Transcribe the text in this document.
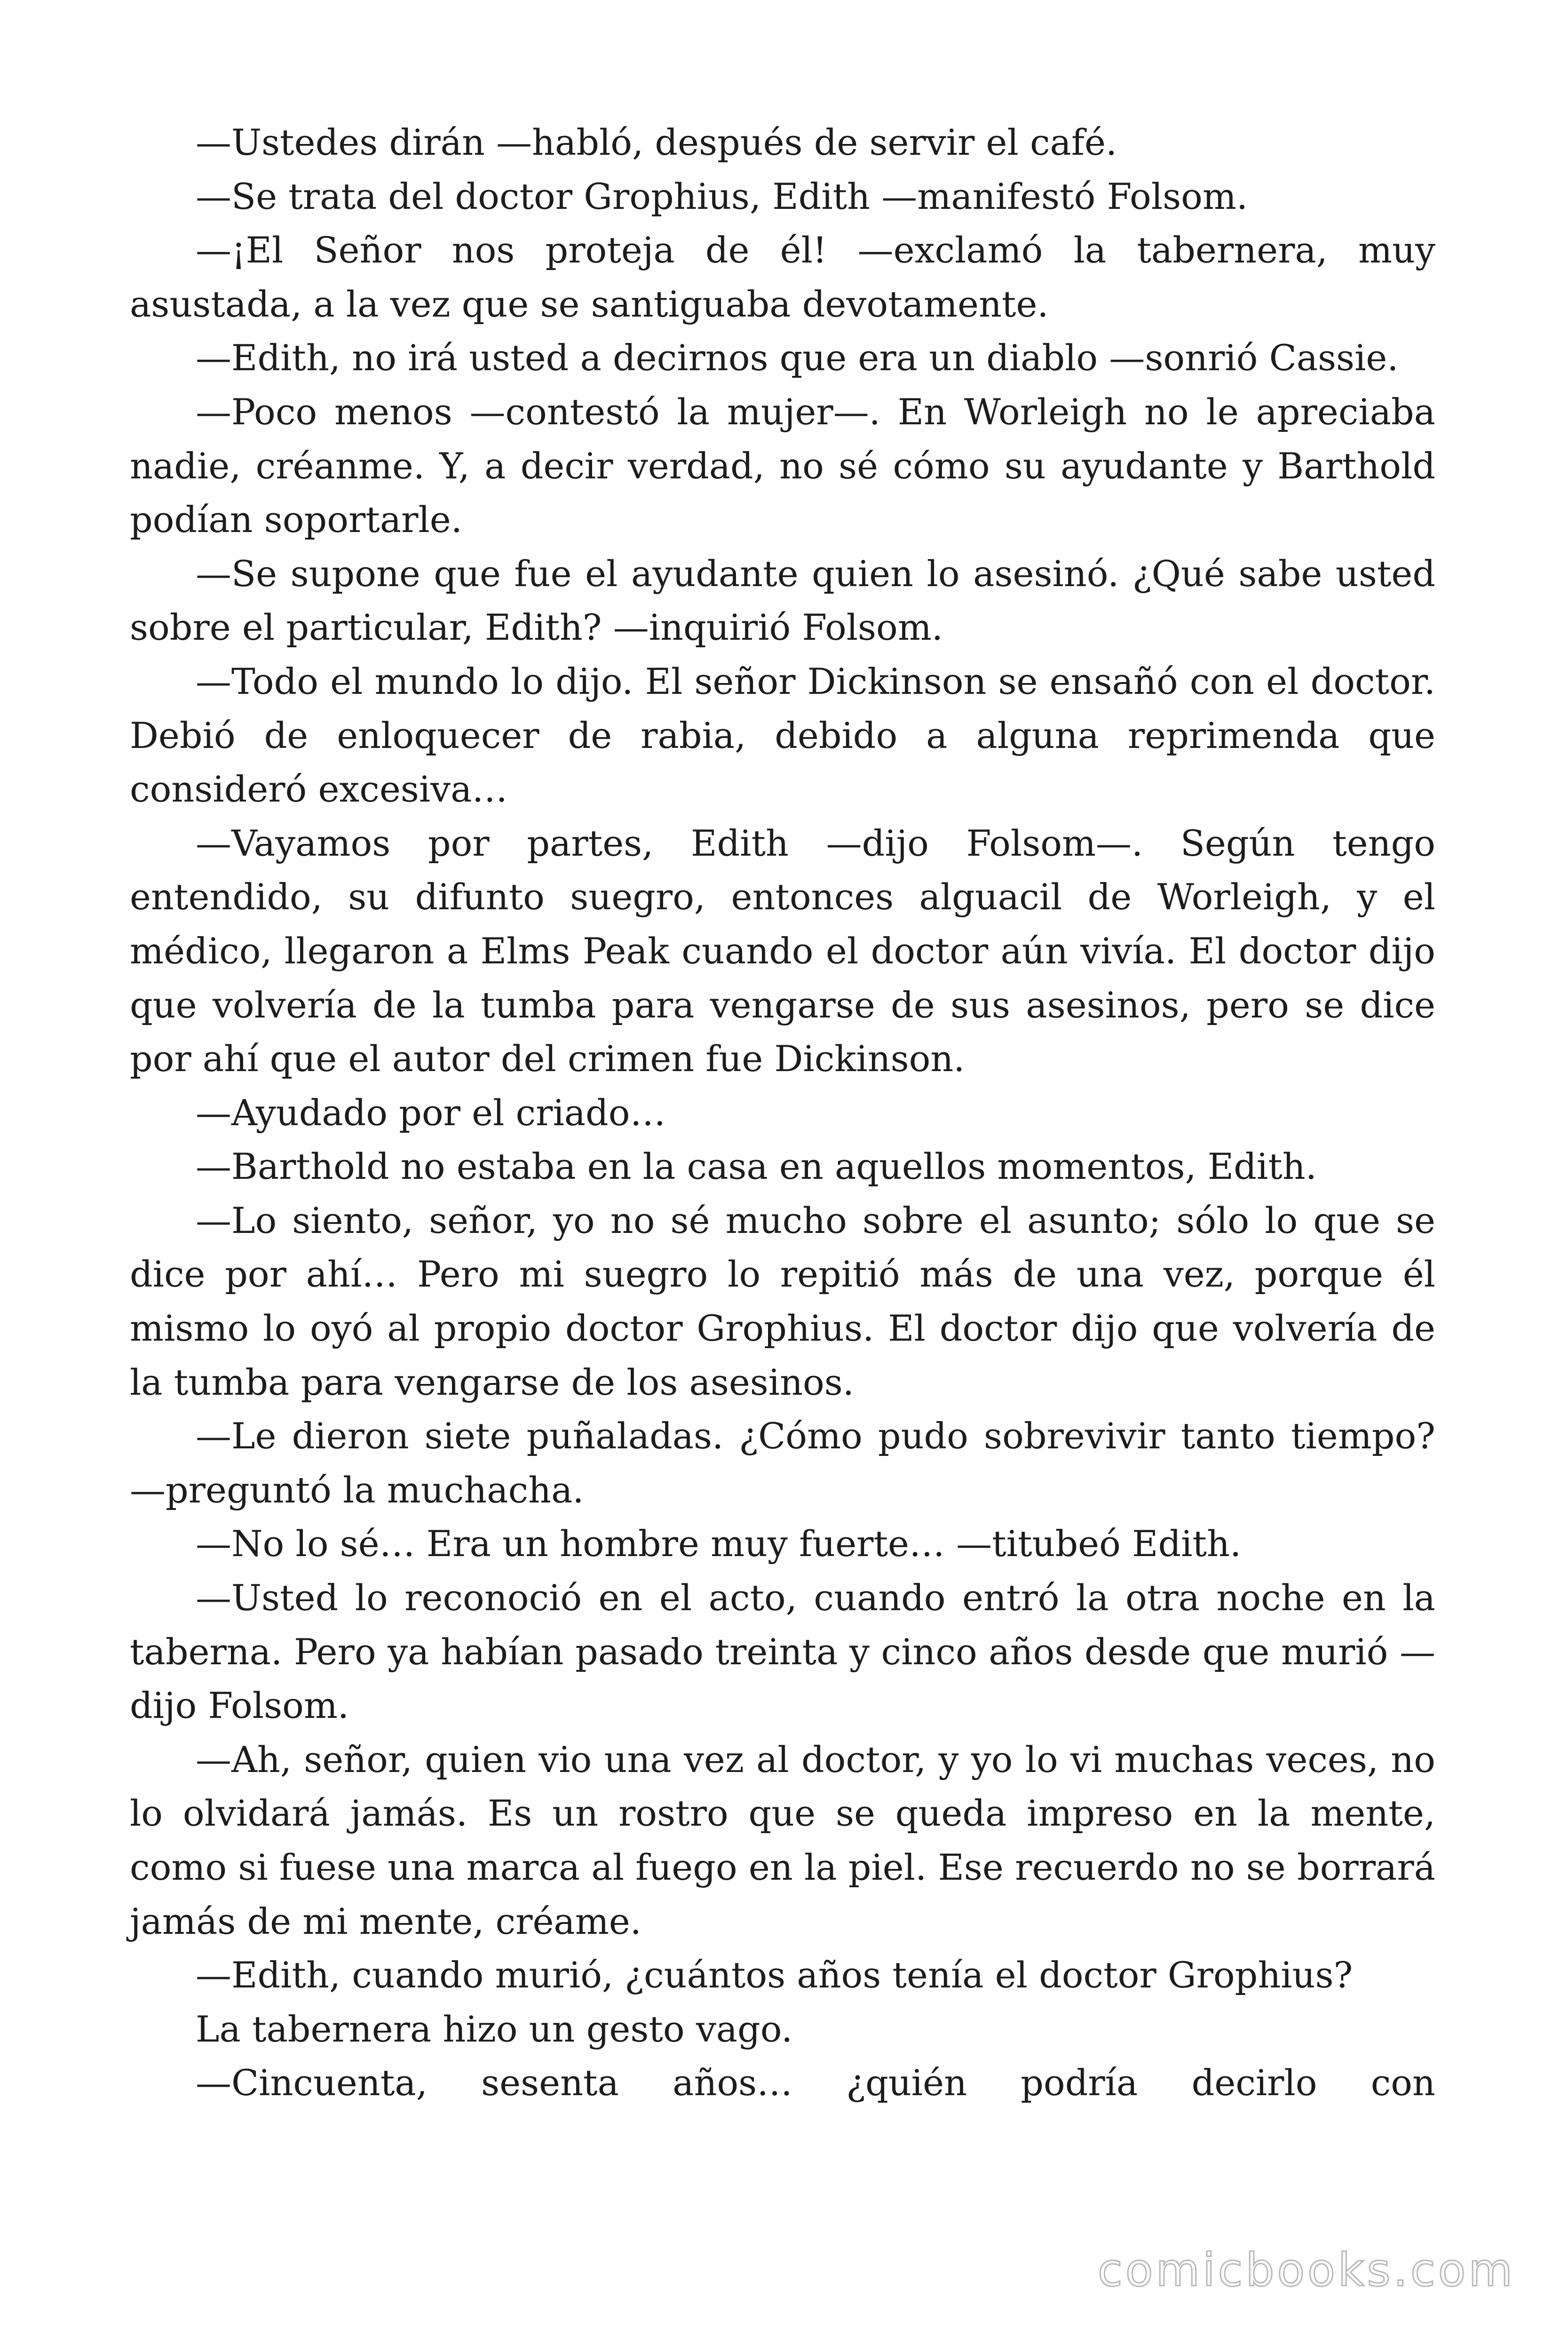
—Ustedes dirán —habló, después de servir el café.

—Se trata del doctor Grophius, Edith —manifestó Folsom.

—¡El Señor nos proteja de él! —exclamó la tabernera, muy asustada, a la vez que se santiguaba devotamente.

—Edith, no irá usted a decirnos que era un diablo —sonrió Cassie.

—Poco menos —contestó la mujer—. En Worleigh no le apreciaba nadie, créanme. Y, a decir verdad, no sé cómo su ayudante y Barthold podían soportarle.

—Se supone que fue el ayudante quien lo asesinó. ¿Qué sabe usted sobre el particular, Edith? —inquirió Folsom.

—Todo el mundo lo dijo. El señor Dickinson se ensañó con el doctor. Debió de enloquecer de rabia, debido a alguna reprimenda que consideró excesiva…

—Vayamos por partes, Edith —dijo Folsom—. Según tengo entendido, su difunto suegro, entonces alguacil de Worleigh, y el médico, llegaron a Elms Peak cuando el doctor aún vivía. El doctor dijo que volvería de la tumba para vengarse de sus asesinos, pero se dice por ahí que el autor del crimen fue Dickinson.

—Ayudado por el criado…

—Barthold no estaba en la casa en aquellos momentos, Edith.

—Lo siento, señor, yo no sé mucho sobre el asunto; sólo lo que se dice por ahí… Pero mi suegro lo repitió más de una vez, porque él mismo lo oyó al propio doctor Grophius. El doctor dijo que volvería de la tumba para vengarse de los asesinos.

—Le dieron siete puñaladas. ¿Cómo pudo sobrevivir tanto tiempo? —preguntó la muchacha.

—No lo sé… Era un hombre muy fuerte… —titubeó Edith.

—Usted lo reconoció en el acto, cuando entró la otra noche en la taberna. Pero ya habían pasado treinta y cinco años desde que murió —dijo Folsom.

—Ah, señor, quien vio una vez al doctor, y yo lo vi muchas veces, no lo olvidará jamás. Es un rostro que se queda impreso en la mente, como si fuese una marca al fuego en la piel. Ese recuerdo no se borrará jamás de mi mente, créame.

—Edith, cuando murió, ¿cuántos años tenía el doctor Grophius?

La tabernera hizo un gesto vago.

—Cincuenta, sesenta años… ¿quién podría decirlo con

comicbooks.com
